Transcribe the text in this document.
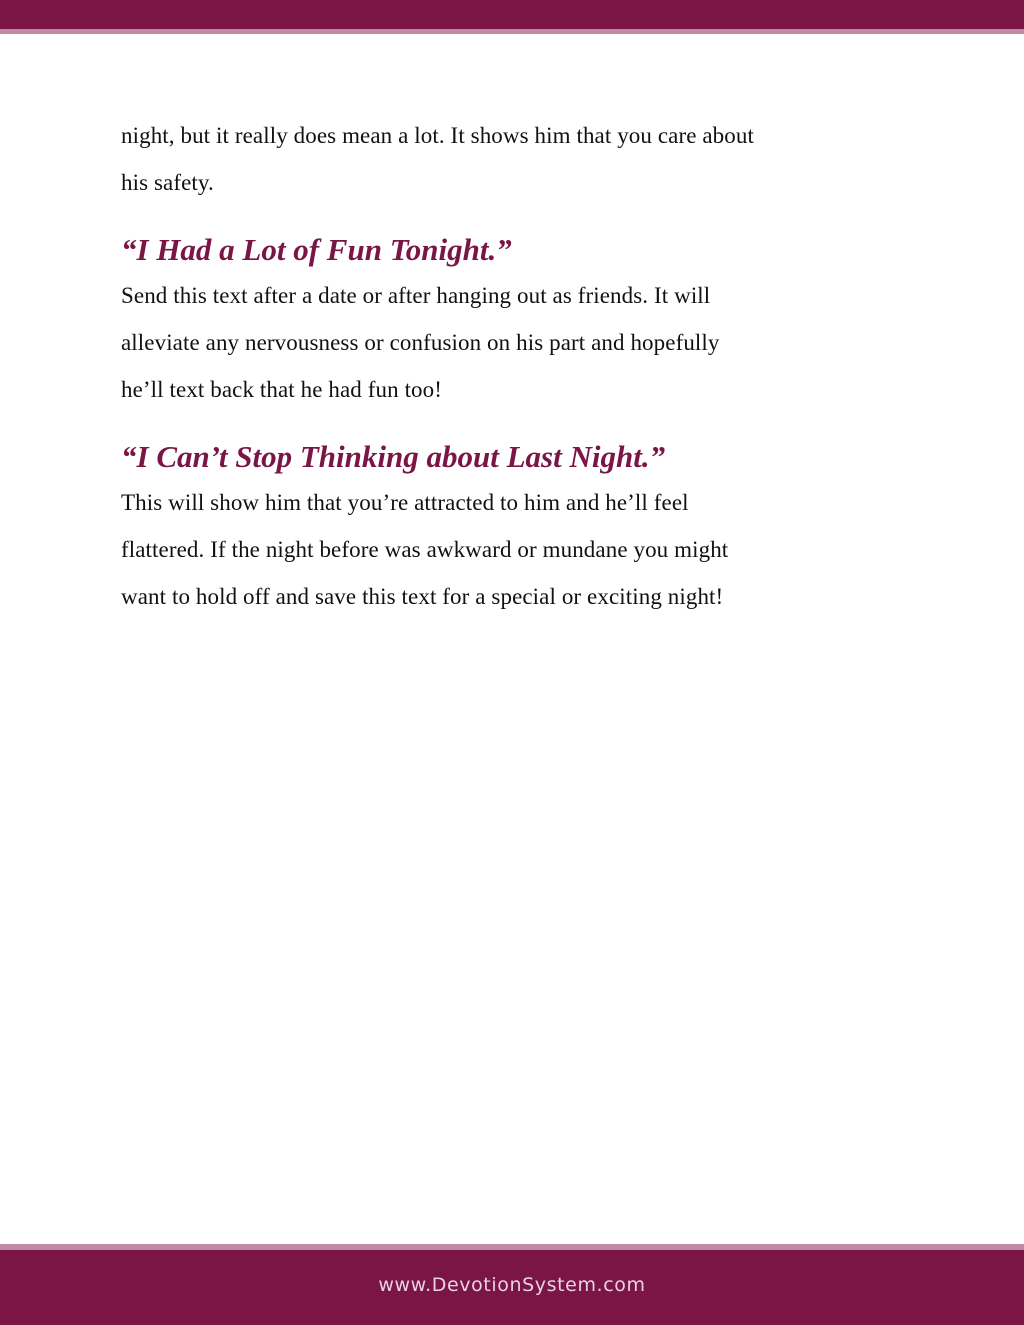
night, but it really does mean a lot. It shows him that you care about
his safety.

“I Had a Lot of Fun Tonight.”

Send this text after a date or after hanging out as friends. It will
alleviate any nervousness or confusion on his part and hopefully
he’ll text back that he had fun too!

“I Can’t Stop Thinking about Last Night.”

This will show him that you’re attracted to him and he’ll feel
flattered. If the night before was awkward or mundane you might
want to hold off and save this text for a special or exciting night!

www.DevotionSystem.com
